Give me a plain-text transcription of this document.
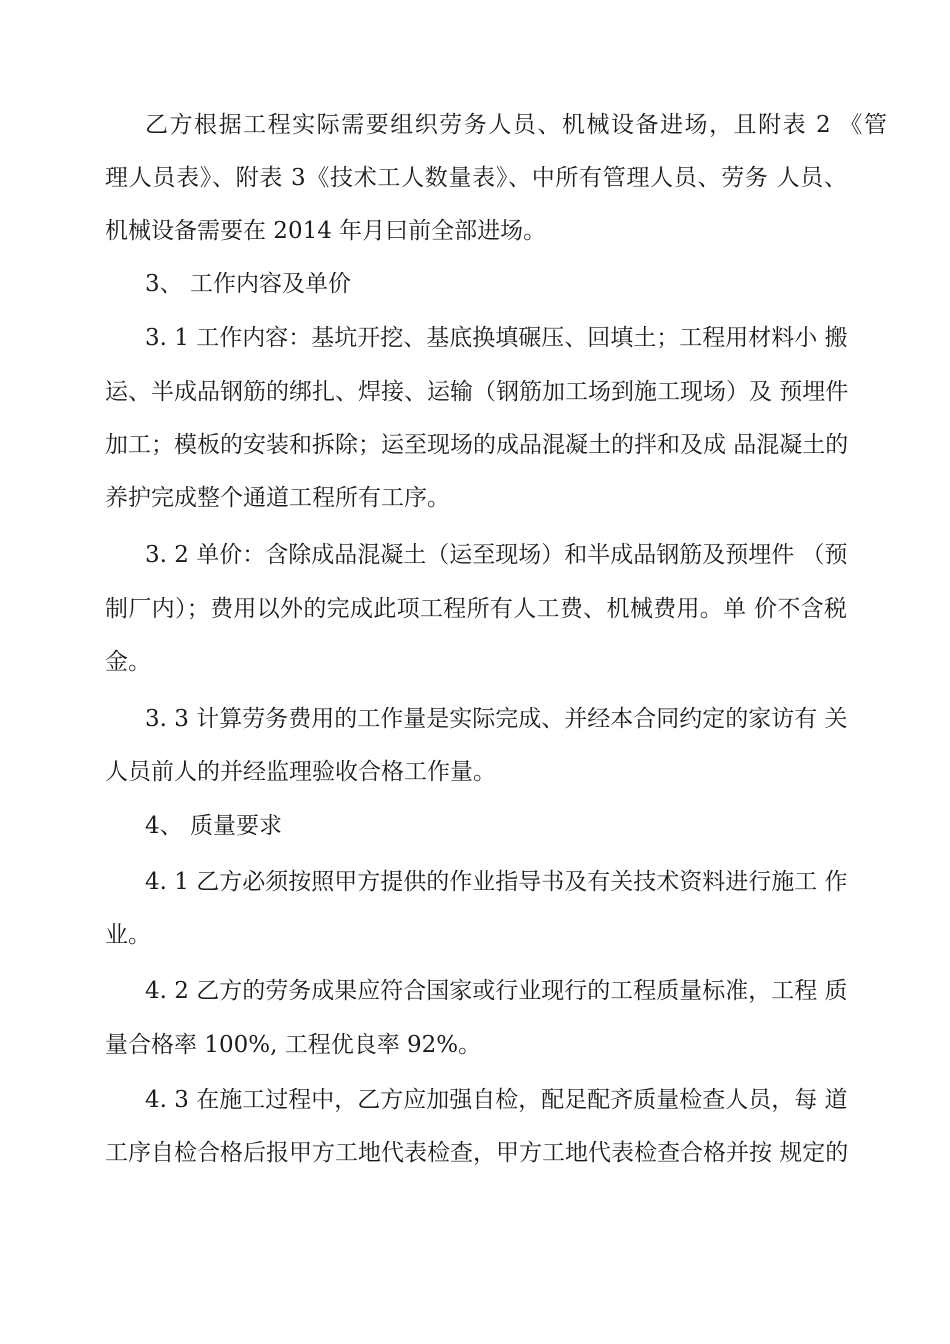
乙方根据工程实际需要组织劳务人员、机械设备进场，且附表 2 《管
理人员表》、附表 3《技术工人数量表》、中所有管理人员、劳务 人员、
机械设备需要在 2014 年月曰前全部进场。
3、 工作内容及单价
3. 1 工作内容：基坑开挖、基底换填碾压、回填土；工程用材料小 搬
运、半成品钢筋的绑扎、焊接、运输（钢筋加工场到施工现场）及 预埋件
加工；模板的安装和拆除；运至现场的成品混凝土的拌和及成 品混凝土的
养护完成整个通道工程所有工序。
3. 2 单价：含除成品混凝土（运至现场）和半成品钢筋及预埋件 （预
制厂内）；费用以外的完成此项工程所有人工费、机械费用。单 价不含税
金。
3. 3 计算劳务费用的工作量是实际完成、并经本合同约定的家访有 关
人员前人的并经监理验收合格工作量。
4、 质量要求
4. 1 乙方必须按照甲方提供的作业指导书及有关技术资料进行施工 作
业。
4. 2 乙方的劳务成果应符合国家或行业现行的工程质量标准，工程 质
量合格率 100%, 工程优良率 92%。
4. 3 在施工过程中，乙方应加强自检，配足配齐质量检查人员，每 道
工序自检合格后报甲方工地代表检查，甲方工地代表检查合格并按 规定的
